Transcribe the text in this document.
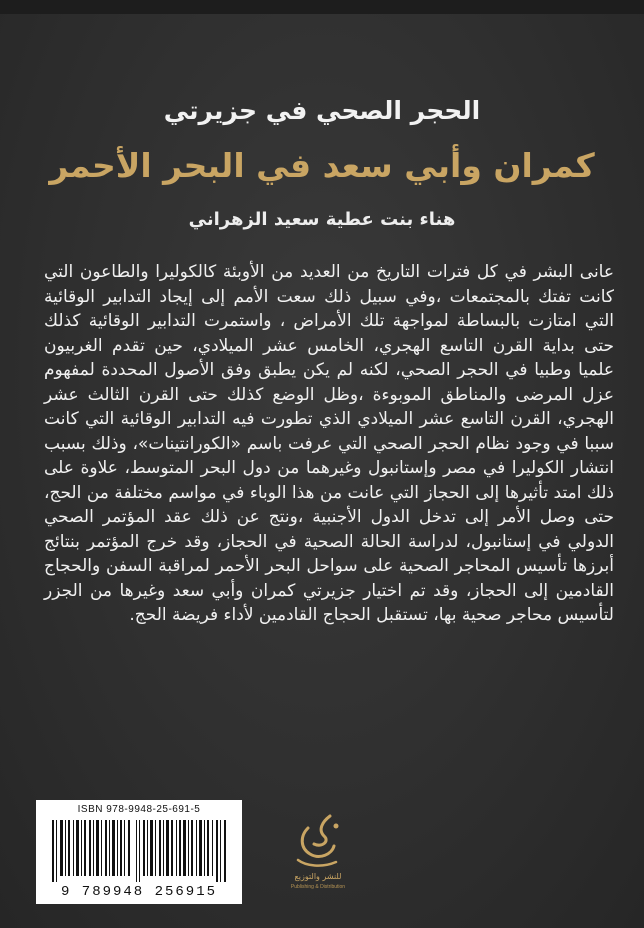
الحجر الصحي في جزيرتي
كمران وأبي سعد في البحر الأحمر
هناء بنت عطية سعيد الزهراني
عانى البشر في كل فترات التاريخ من العديد من الأوبئة كالكوليرا والطاعون التي كانت تفتك بالمجتمعات ،وفي سبيل ذلك سعت الأمم إلى إيجاد التدابير الوقائية التي امتازت بالبساطة لمواجهة تلك الأمراض ، واستمرت التدابير الوقائية كذلك حتى بداية القرن التاسع الهجري، الخامس عشر الميلادي، حين تقدم الغربيون علميا وطبيا في الحجر الصحي، لكنه لم يكن يطبق وفق الأصول المحددة لمفهوم عزل المرضى والمناطق الموبوءة ،وظل الوضع كذلك حتى القرن الثالث عشر الهجري، القرن التاسع عشر الميلادي الذي تطورت فيه التدابير الوقائية التي كانت سببا في وجود نظام الحجر الصحي التي عرفت باسم «الكورانتينات»، وذلك بسبب انتشار الكوليرا في مصر وإستانبول وغيرهما من دول البحر المتوسط، علاوة على ذلك امتد تأثيرها إلى الحجاز التي عانت من هذا الوباء في مواسم مختلفة من الحج، حتى وصل الأمر إلى تدخل الدول الأجنبية ،ونتج عن ذلك عقد المؤتمر الصحي الدولي في إستانبول، لدراسة الحالة الصحية في الحجاز، وقد خرج المؤتمر بنتائج أبرزها تأسيس المحاجر الصحية على سواحل البحر الأحمر لمراقبة السفن والحجاج القادمين إلى الحجاز، وقد تم اختيار جزيرتي كمران وأبي سعد وغيرها من الجزر لتأسيس محاجر صحية بها، تستقبل الحجاج القادمين لأداء فريضة الحج.
ISBN 978-9948-25-691-5
9 789948 256915
للنشر والتوزيع
Publishing & Distribution
